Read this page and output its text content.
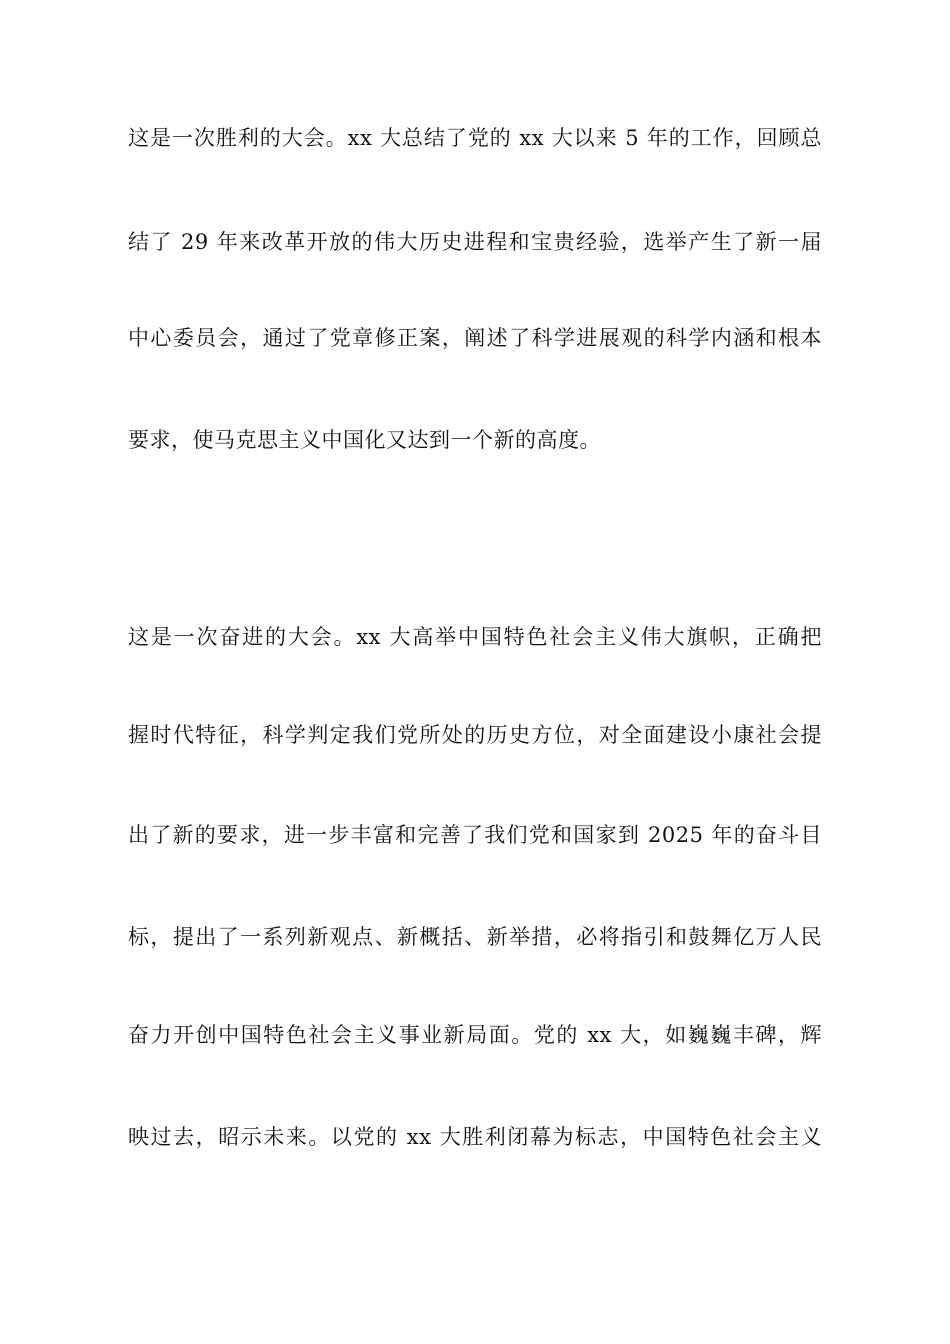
这是一次胜利的大会。xx 大总结了党的 xx 大以来 5 年的工作，回顾总
结了 29 年来改革开放的伟大历史进程和宝贵经验，选举产生了新一届
中心委员会，通过了党章修正案，阐述了科学进展观的科学内涵和根本
要求，使马克思主义中国化又达到一个新的高度。
这是一次奋进的大会。xx 大高举中国特色社会主义伟大旗帜，正确把
握时代特征，科学判定我们党所处的历史方位，对全面建设小康社会提
出了新的要求，进一步丰富和完善了我们党和国家到 2025 年的奋斗目
标，提出了一系列新观点、新概括、新举措，必将指引和鼓舞亿万人民
奋力开创中国特色社会主义事业新局面。党的 xx 大，如巍巍丰碑，辉
映过去，昭示未来。以党的 xx 大胜利闭幕为标志，中国特色社会主义
